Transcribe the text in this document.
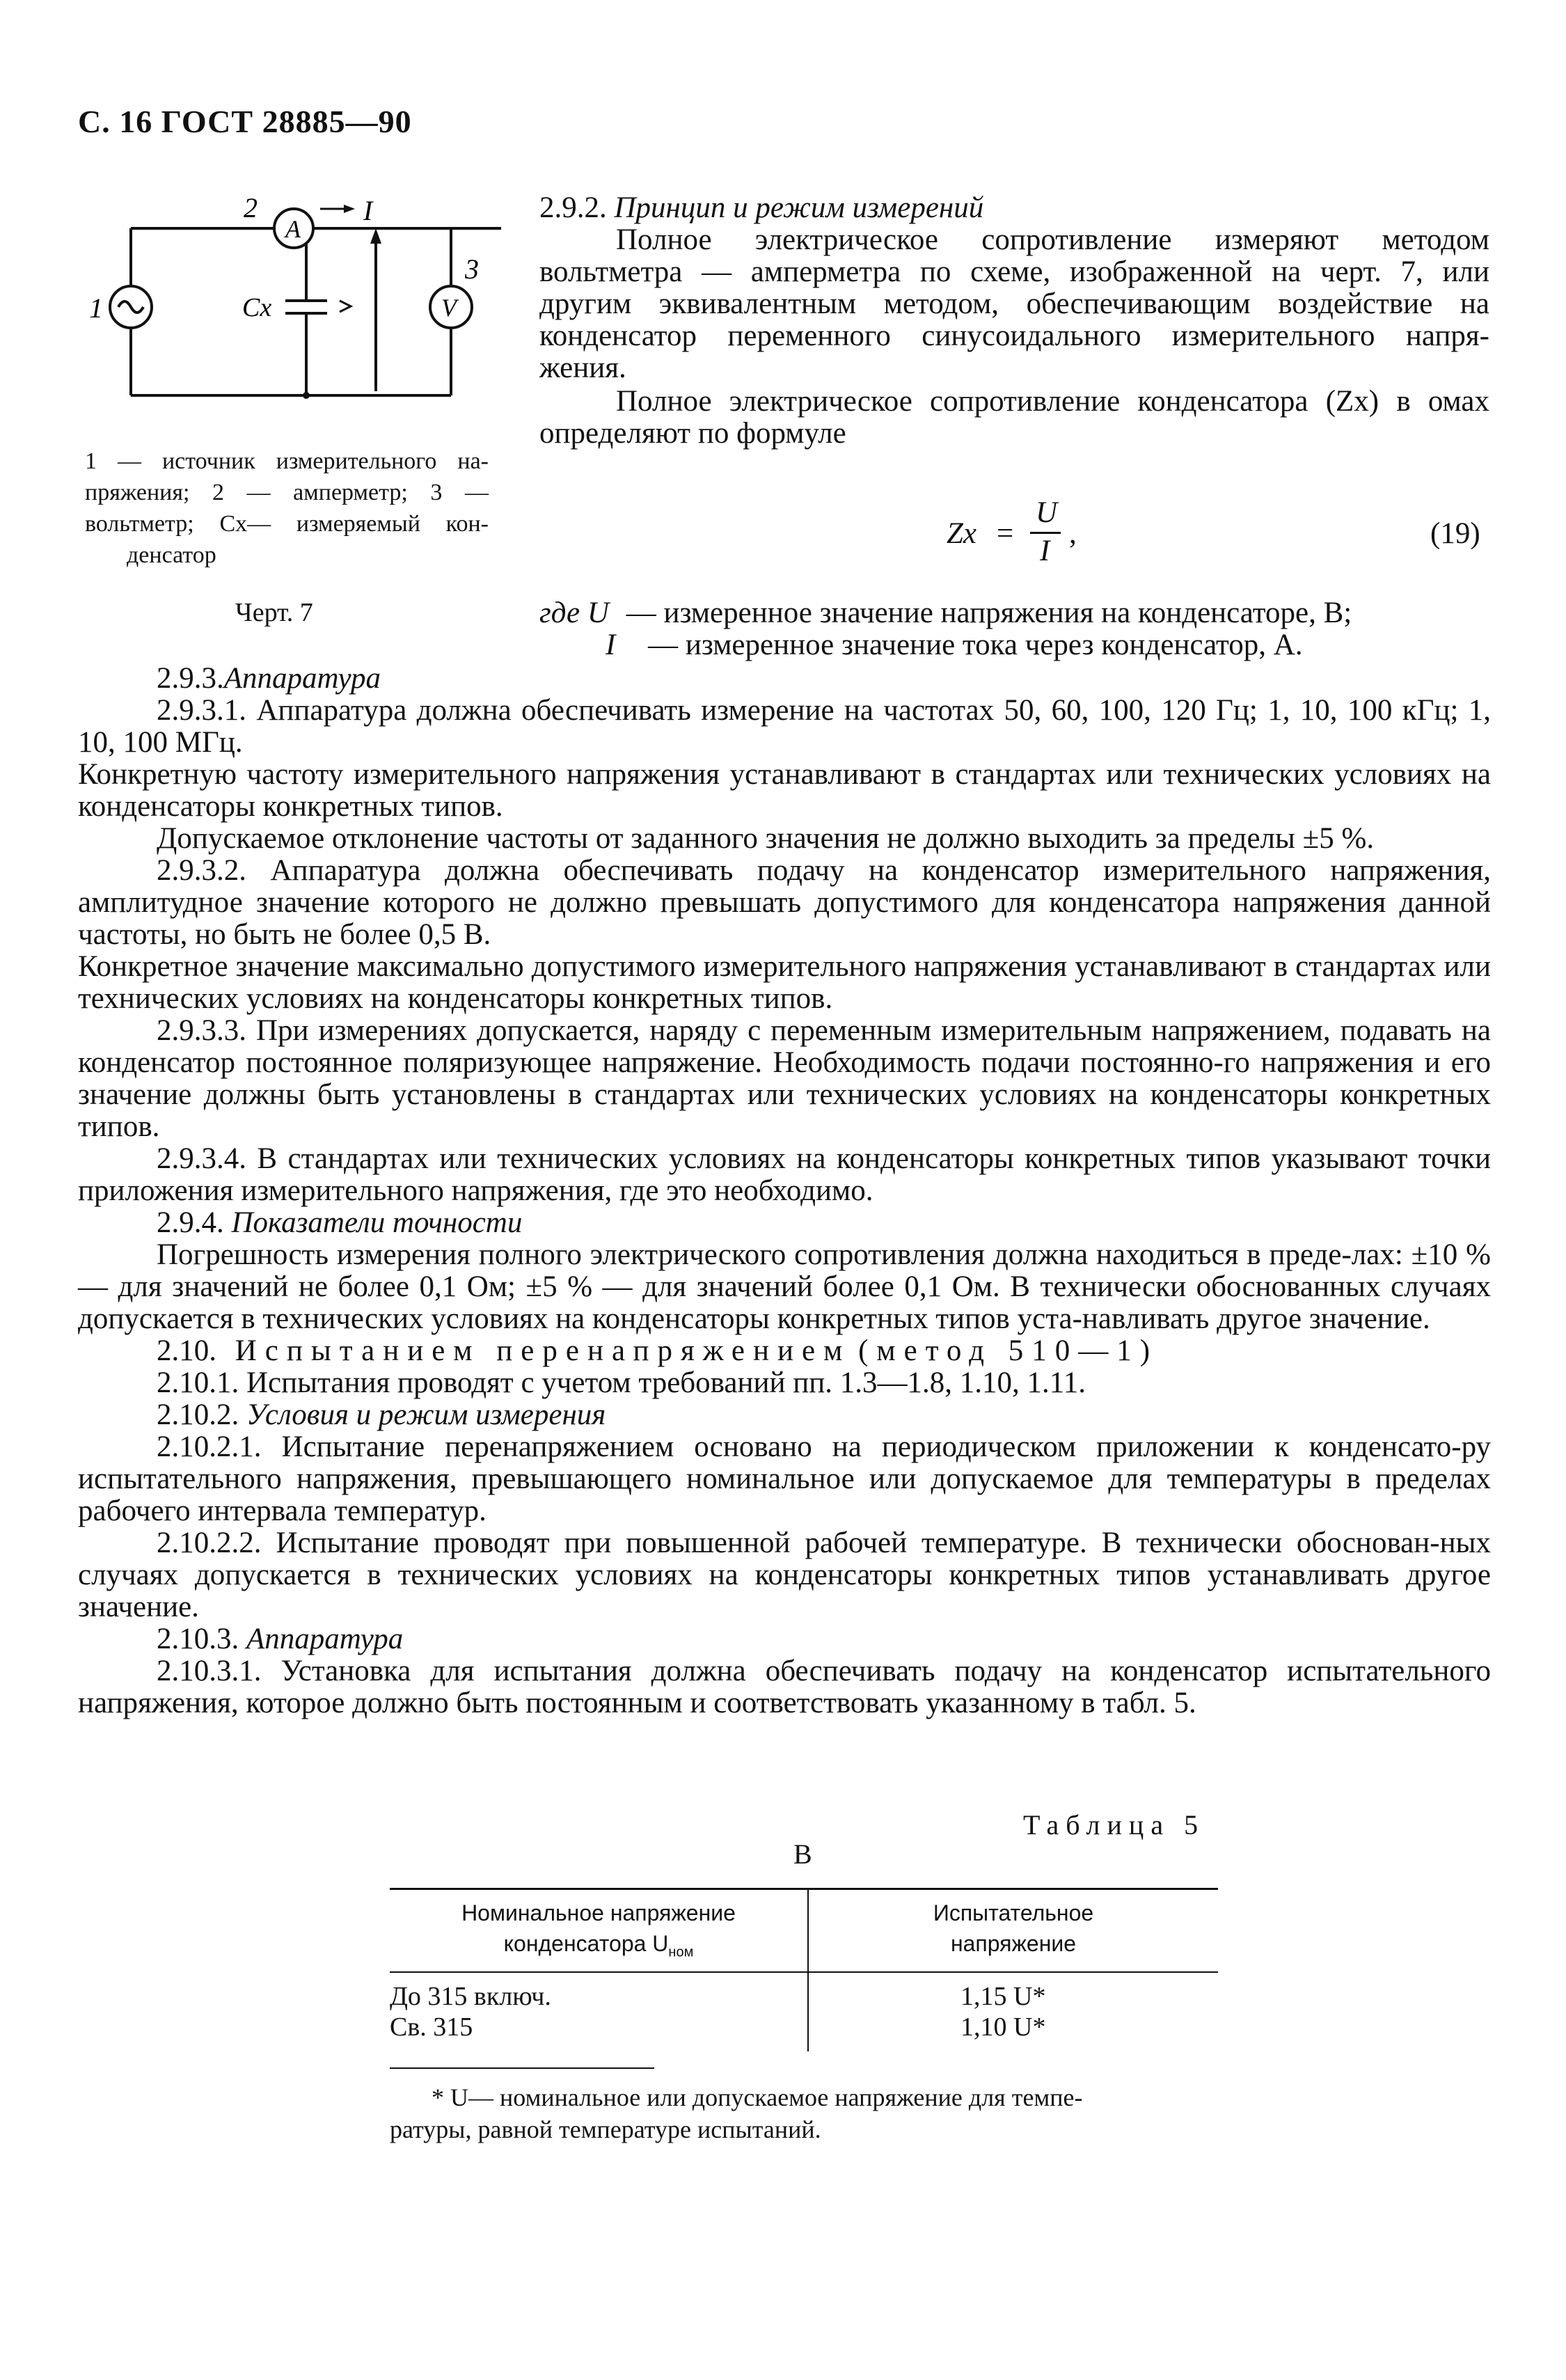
С. 16 ГОСТ 28885—90
A
V
2
1
3
I
Cx
1 — источник измерительного на-
пряжения; 2 — амперметр; 3 —
вольтметр; Cx— измеряемый кон-
денсатор
Черт. 7
2.9.2. Принцип и режим измерений
Полное электрическое сопротивление измеряют методом
вольтметра — амперметра по схеме, изображенной на черт. 7, или
другим эквивалентным методом, обеспечивающим воздействие на
конденсатор переменного синусоидального измерительного напря-
жения.
Полное электрическое сопротивление конденсатора (Zx) в омах
определяют по формуле
Zx =
U
I
,	(19)
где U — измеренное значение напряжения на конденсаторе, В;
I — измеренное значение тока через конденсатор, А.
2.9.3.Аппаратура
2.9.3.1. Аппаратура должна обеспечивать измерение на частотах 50, 60, 100, 120 Гц; 1, 10, 100 кГц; 1, 10, 100 МГц.
Конкретную частоту измерительного напряжения устанавливают в стандартах или технических условиях на конденсаторы конкретных типов.
Допускаемое отклонение частоты от заданного значения не должно выходить за пределы ±5 %.
2.9.3.2. Аппаратура должна обеспечивать подачу на конденсатор измерительного напряжения, амплитудное значение которого не должно превышать допустимого для конденсатора напряжения данной частоты, но быть не более 0,5 В.
Конкретное значение максимально допустимого измерительного напряжения устанавливают в стандартах или технических условиях на конденсаторы конкретных типов.
2.9.3.3. При измерениях допускается, наряду с переменным измерительным напряжением, подавать на конденсатор постоянное поляризующее напряжение. Необходимость подачи постоянно-го напряжения и его значение должны быть установлены в стандартах или технических условиях на конденсаторы конкретных типов.
2.9.3.4. В стандартах или технических условиях на конденсаторы конкретных типов указывают точки приложения измерительного напряжения, где это необходимо.
2.9.4. Показатели точности
Погрешность измерения полного электрического сопротивления должна находиться в преде-лах: ±10 % — для значений не более 0,1 Ом; ±5 % — для значений более 0,1 Ом. В технически обоснованных случаях допускается в технических условиях на конденсаторы конкретных типов уста-навливать другое значение.
2.10. Испытанием перенапряжением (метод 510—1)
2.10.1. Испытания проводят с учетом требований пп. 1.3—1.8, 1.10, 1.11.
2.10.2. Условия и режим измерения
2.10.2.1. Испытание перенапряжением основано на периодическом приложении к конденсато-ру испытательного напряжения, превышающего номинальное или допускаемое для температуры в пределах рабочего интервала температур.
2.10.2.2. Испытание проводят при повышенной рабочей температуре. В технически обоснован-ных случаях допускается в технических условиях на конденсаторы конкретных типов устанавливать другое значение.
2.10.3. Аппаратура
2.10.3.1. Установка для испытания должна обеспечивать подачу на конденсатор испытательного напряжения, которое должно быть постоянным и соответствовать указанному в табл. 5.
Таблица 5
В
Номинальное напряжение
конденсатора $U_{ном}$
Испытательное
напряжение
До 315 включ.
Св. 315
1,15 U*
1,10 U*
* U— номинальное или допускаемое напряжение для темпе-
ратуры, равной температуре испытаний.
